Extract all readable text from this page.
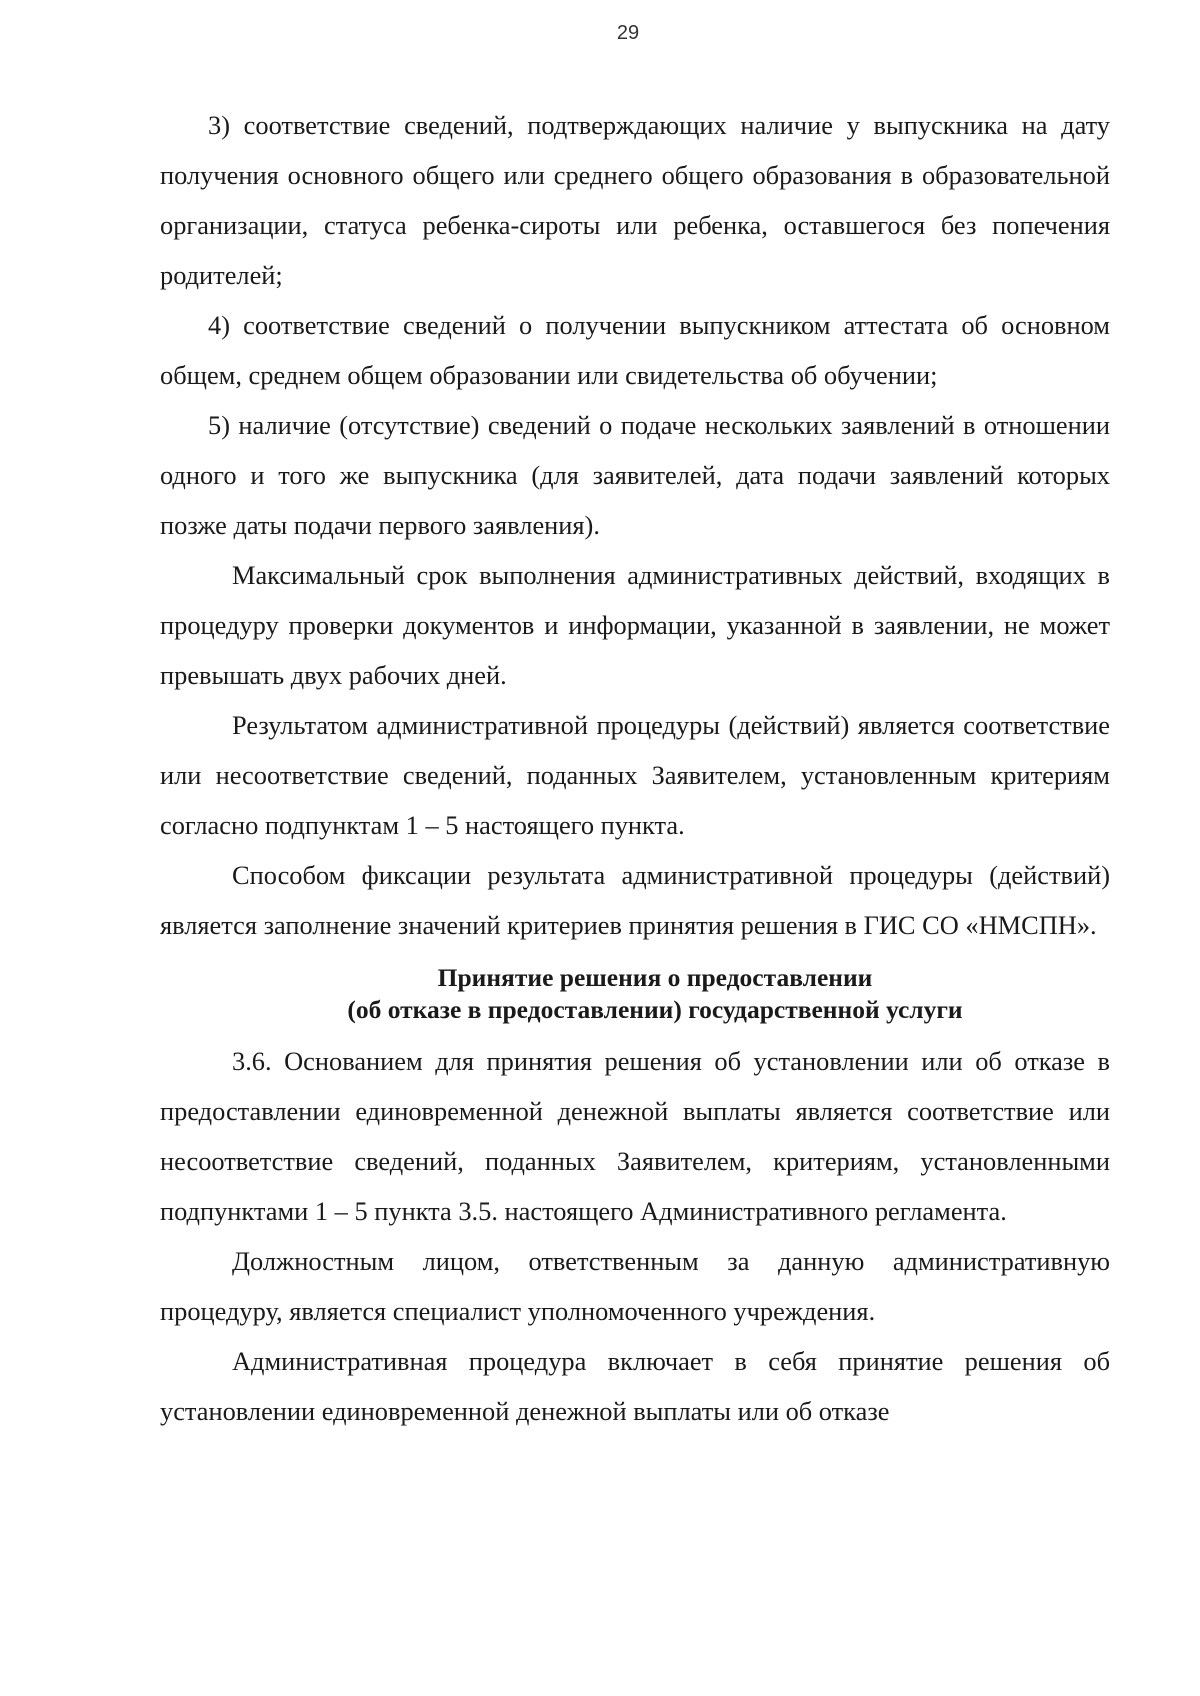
29

3) соответствие сведений, подтверждающих наличие у выпускника на дату получения основного общего или среднего общего образования в образовательной организации, статуса ребенка-сироты или ребенка, оставшегося без попечения родителей;

4) соответствие сведений о получении выпускником аттестата об основном общем, среднем общем образовании или свидетельства об обучении;

5) наличие (отсутствие) сведений о подаче нескольких заявлений в отношении одного и того же выпускника (для заявителей, дата подачи заявлений которых позже даты подачи первого заявления).

Максимальный срок выполнения административных действий, входящих в процедуру проверки документов и информации, указанной в заявлении, не может превышать двух рабочих дней.

Результатом административной процедуры (действий) является соответствие или несоответствие сведений, поданных Заявителем, установленным критериям согласно подпунктам 1 – 5 настоящего пункта.

Способом фиксации результата административной процедуры (действий) является заполнение значений критериев принятия решения в ГИС СО «НМСПН».

Принятие решения о предоставлении
(об отказе в предоставлении) государственной услуги

3.6. Основанием для принятия решения об установлении или об отказе в предоставлении единовременной денежной выплаты является соответствие или несоответствие сведений, поданных Заявителем, критериям, установленными подпунктами 1 – 5 пункта 3.5. настоящего Административного регламента.

Должностным лицом, ответственным за данную административную процедуру, является специалист уполномоченного учреждения.

Административная процедура включает в себя принятие решения об установлении единовременной денежной выплаты или об отказе
